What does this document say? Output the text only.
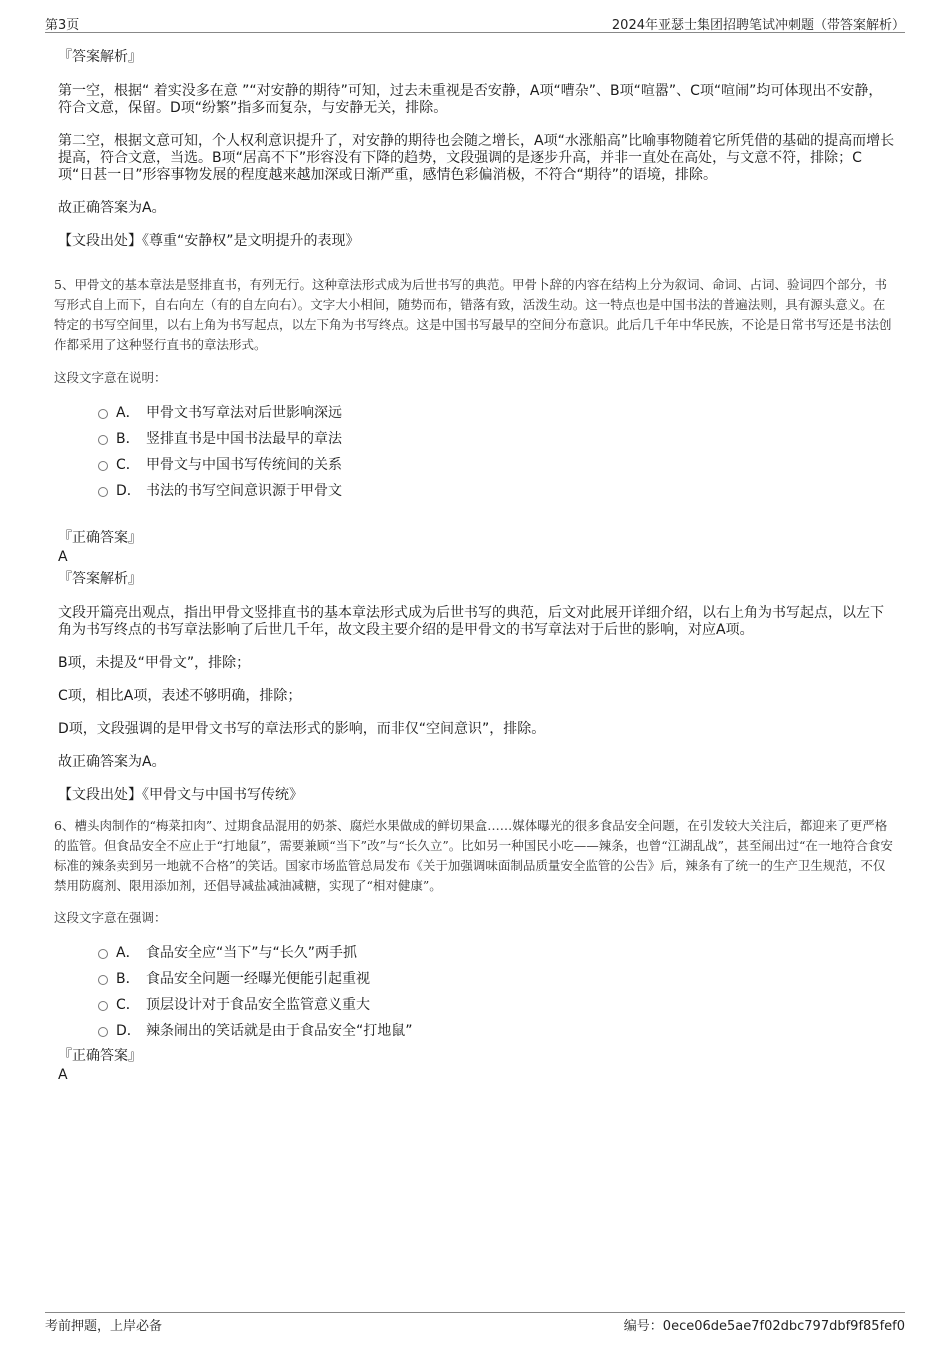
第3页	2024年亚瑟士集团招聘笔试冲刺题（带答案解析）
『答案解析』
第一空，根据“ 着实没多在意 ”“对安静的期待”可知，过去未重视是否安静，A项“嘈杂”、B项“喧嚣”、C项“喧闹”均可体现出不安静，符合文意，保留。D项“纷繁”指多而复杂，与安静无关，排除。
第二空，根据文意可知，个人权利意识提升了，对安静的期待也会随之增长，A项“水涨船高”比喻事物随着它所凭借的基础的提高而增长提高，符合文意，当选。B项“居高不下”形容没有下降的趋势，文段强调的是逐步升高，并非一直处在高处，与文意不符，排除；C项“日甚一日”形容事物发展的程度越来越加深或日渐严重，感情色彩偏消极，不符合“期待”的语境，排除。
故正确答案为A。
【文段出处】《尊重“安静权”是文明提升的表现》
5、甲骨文的基本章法是竖排直书，有列无行。这种章法形式成为后世书写的典范。甲骨卜辞的内容在结构上分为叙词、命词、占词、验词四个部分，书写形式自上而下，自右向左（有的自左向右）。文字大小相间，随势而布，错落有致，活泼生动。这一特点也是中国书法的普遍法则，具有源头意义。在特定的书写空间里，以右上角为书写起点，以左下角为书写终点。这是中国书写最早的空间分布意识。此后几千年中华民族，不论是日常书写还是书法创作都采用了这种竖行直书的章法形式。
这段文字意在说明：
A． 甲骨文书写章法对后世影响深远
B． 竖排直书是中国书法最早的章法
C． 甲骨文与中国书写传统间的关系
D． 书法的书写空间意识源于甲骨文
『正确答案』
A
『答案解析』
文段开篇亮出观点，指出甲骨文竖排直书的基本章法形式成为后世书写的典范，后文对此展开详细介绍，以右上角为书写起点，以左下角为书写终点的书写章法影响了后世几千年，故文段主要介绍的是甲骨文的书写章法对于后世的影响，对应A项。
B项，未提及“甲骨文”，排除；
C项，相比A项，表述不够明确，排除；
D项，文段强调的是甲骨文书写的章法形式的影响，而非仅“空间意识”，排除。
故正确答案为A。
【文段出处】《甲骨文与中国书写传统》
6、槽头肉制作的“梅菜扣肉”、过期食品混用的奶茶、腐烂水果做成的鲜切果盒……媒体曝光的很多食品安全问题，在引发较大关注后，都迎来了更严格的监管。但食品安全不应止于“打地鼠”，需要兼顾“当下”改”与“长久立”。比如另一种国民小吃——辣条，也曾“江湖乱战”，甚至闹出过“在一地符合食安标准的辣条卖到另一地就不合格”的笑话。国家市场监管总局发布《关于加强调味面制品质量安全监管的公告》后，辣条有了统一的生产卫生规范，不仅禁用防腐剂、限用添加剂，还倡导减盐减油减糖，实现了“相对健康”。
这段文字意在强调：
A． 食品安全应“当下”与“长久”两手抓
B． 食品安全问题一经曝光便能引起重视
C． 顶层设计对于食品安全监管意义重大
D． 辣条闹出的笑话就是由于食品安全“打地鼠”
『正确答案』
A
考前押题，上岸必备	编号：0ece06de5ae7f02dbc797dbf9f85fef0
